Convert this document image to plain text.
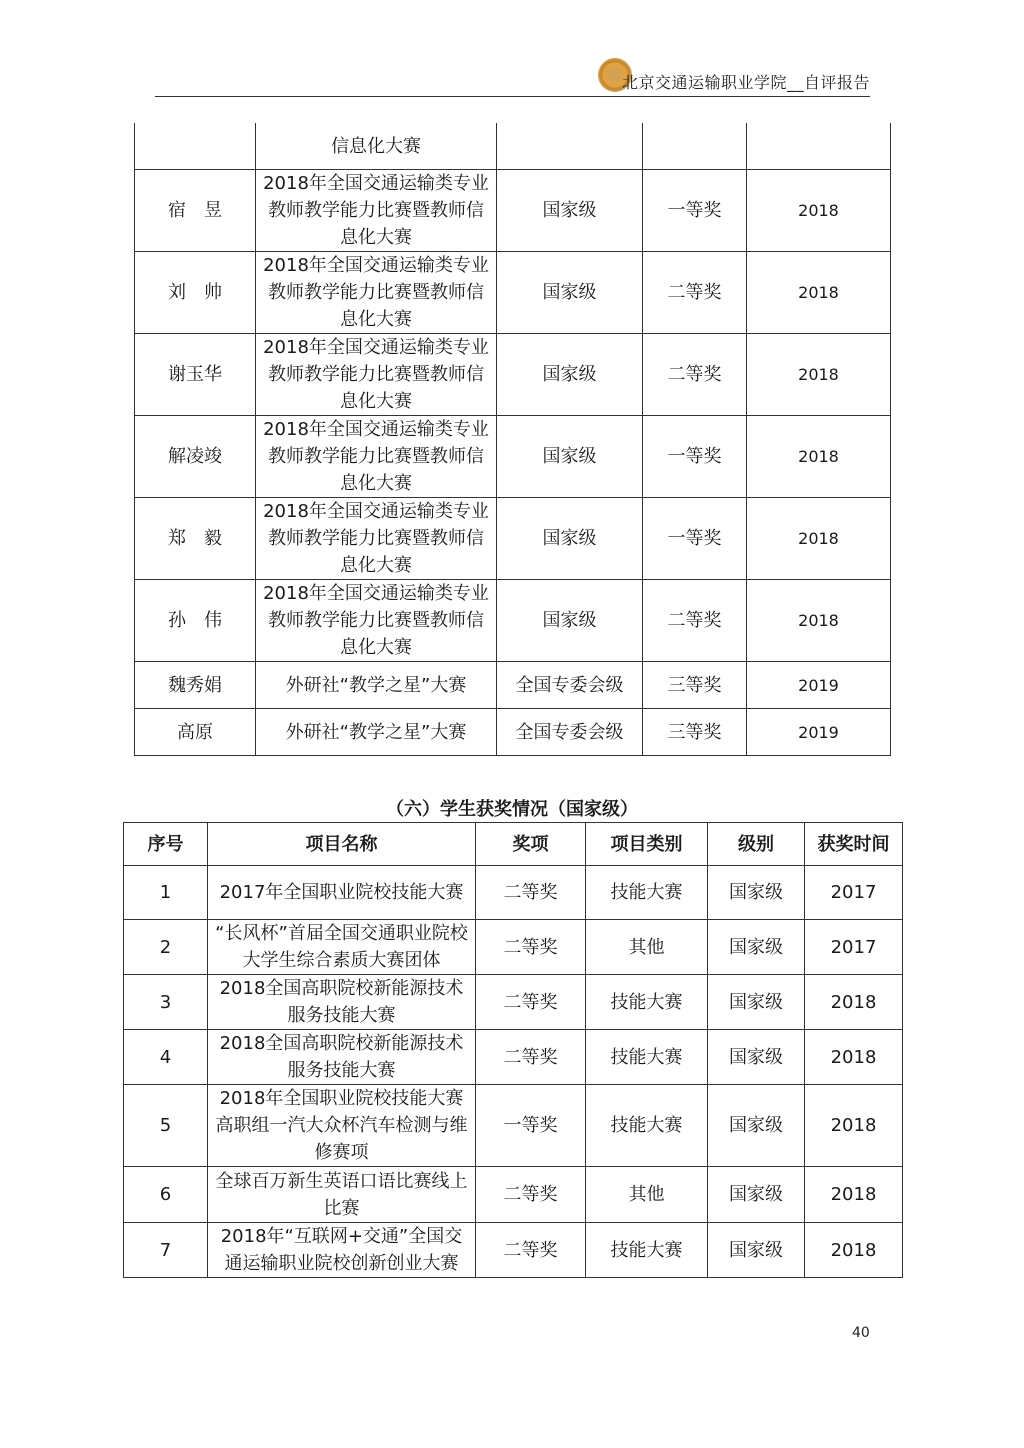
北京交通运输职业学院__自评报告
	信息化大赛			
宿　昱	2018年全国交通运输类专业教师教学能力比赛暨教师信息化大赛	国家级	一等奖	2018
刘　帅	2018年全国交通运输类专业教师教学能力比赛暨教师信息化大赛	国家级	二等奖	2018
谢玉华	2018年全国交通运输类专业教师教学能力比赛暨教师信息化大赛	国家级	二等奖	2018
解凌竣	2018年全国交通运输类专业教师教学能力比赛暨教师信息化大赛	国家级	一等奖	2018
郑　毅	2018年全国交通运输类专业教师教学能力比赛暨教师信息化大赛	国家级	一等奖	2018
孙　伟	2018年全国交通运输类专业教师教学能力比赛暨教师信息化大赛	国家级	二等奖	2018
魏秀娟	外研社“教学之星”大赛	全国专委会级	三等奖	2019
高原	外研社“教学之星”大赛	全国专委会级	三等奖	2019
（六）学生获奖情况（国家级）
序号	项目名称	奖项	项目类别	级别	获奖时间
1	2017年全国职业院校技能大赛	二等奖	技能大赛	国家级	2017
2	“长风杯”首届全国交通职业院校大学生综合素质大赛团体	二等奖	其他	国家级	2017
3	2018全国高职院校新能源技术服务技能大赛	二等奖	技能大赛	国家级	2018
4	2018全国高职院校新能源技术服务技能大赛	二等奖	技能大赛	国家级	2018
5	2018年全国职业院校技能大赛高职组一汽大众杯汽车检测与维修赛项	一等奖	技能大赛	国家级	2018
6	全球百万新生英语口语比赛线上比赛	二等奖	其他	国家级	2018
7	2018年“互联网+交通”全国交通运输职业院校创新创业大赛	二等奖	技能大赛	国家级	2018
40
